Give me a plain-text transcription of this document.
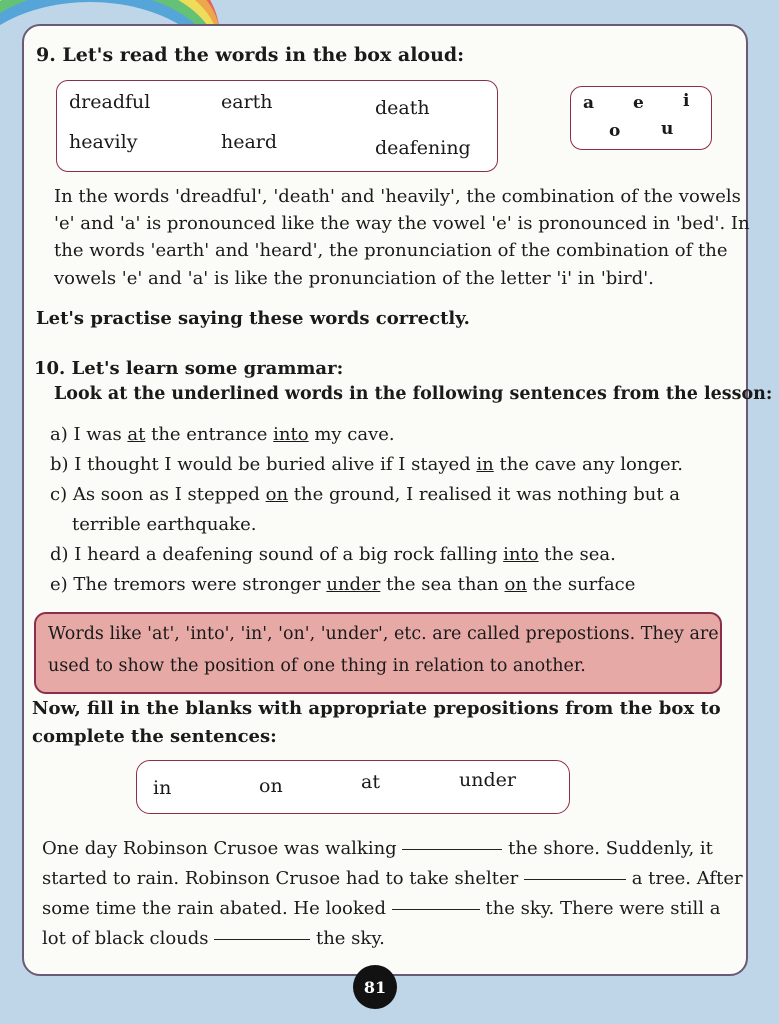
9. Let's read the words in the box aloud:
dreadful	earth	death
heavily	heard	deafening
a e i
o u
In the words 'dreadful', 'death' and 'heavily', the combination of the vowels
'e' and 'a' is pronounced like the way the vowel 'e' is pronounced in 'bed'. In
the words 'earth' and 'heard', the pronunciation of the combination of the
vowels 'e' and 'a' is like the pronunciation of the letter 'i' in 'bird'.
Let's practise saying these words correctly.
10. Let's learn some grammar:
Look at the underlined words in the following sentences from the lesson:
a) I was at the entrance into my cave.
b) I thought I would be buried alive if I stayed in the cave any longer.
c) As soon as I stepped on the ground, I realised it was nothing but a
terrible earthquake.
d) I heard a deafening sound of a big rock falling into the sea.
e) The tremors were stronger under the sea than on the surface
Words like 'at', 'into', 'in', 'on', 'under', etc. are called prepostions. They are
used to show the position of one thing in relation to another.
Now, fill in the blanks with appropriate prepositions from the box to
complete the sentences:
in	on	at	under
One day Robinson Crusoe was walking	the shore. Suddenly, it
started to rain. Robinson Crusoe had to take shelter	a tree. After
some time the rain abated. He looked	the sky. There were still a
lot of black clouds	the sky.
81
